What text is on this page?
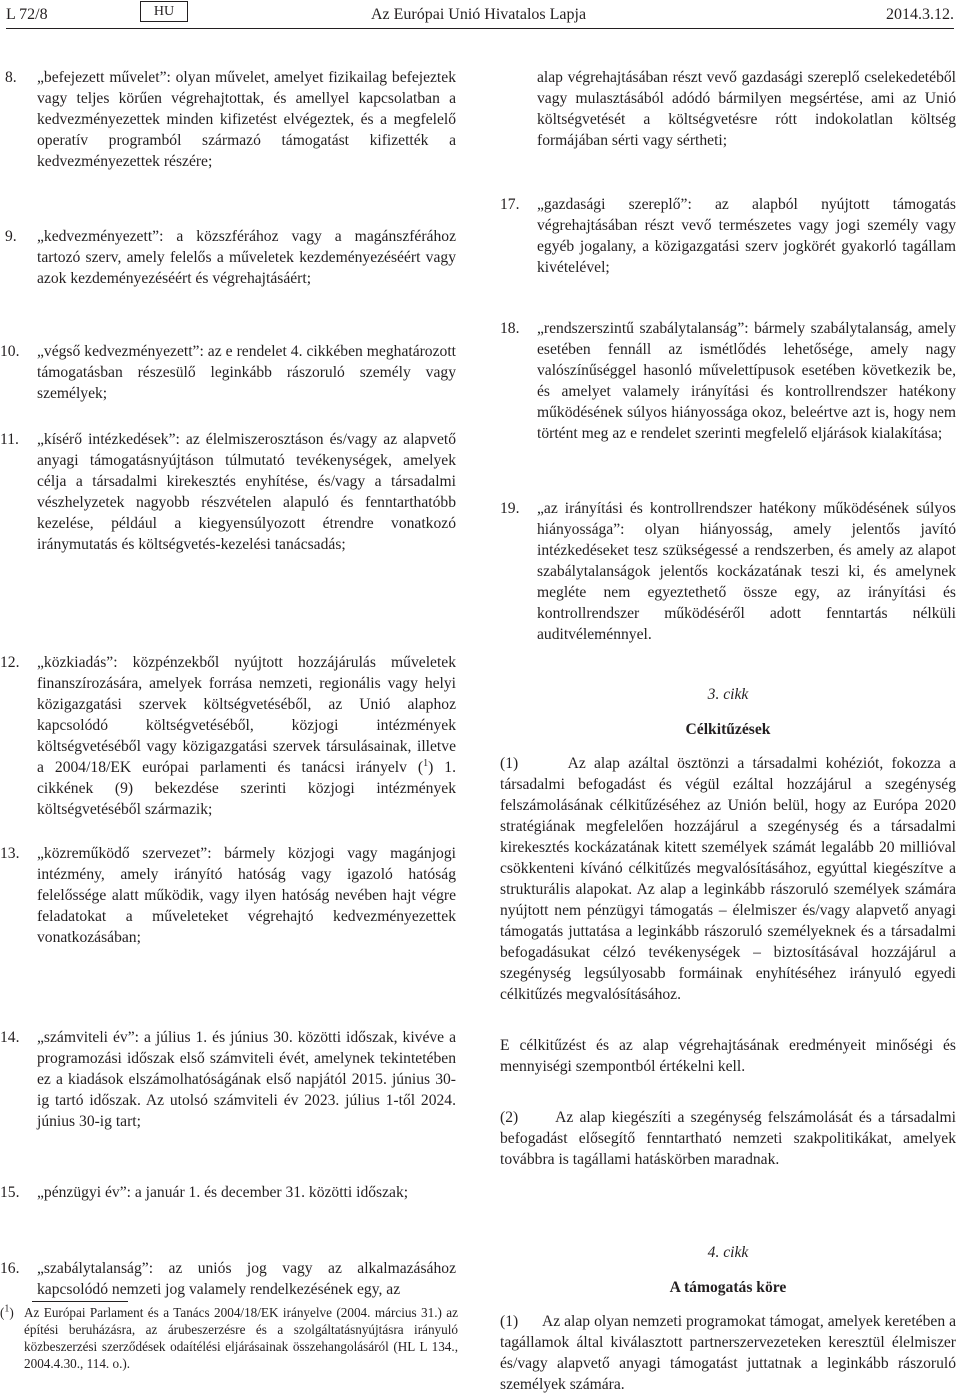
L 72/8	HU	Az Európai Unió Hivatalos Lapja	2014.3.12.
8. „befejezett művelet”: olyan művelet, amelyet fizikailag befejeztek vagy teljes körűen végrehajtottak, és amellyel kapcsolatban a kedvezményezettek minden kifizetést elvégeztek, és a megfelelő operatív programból származó támogatást kifizették a kedvezményezettek részére;

9. „kedvezményezett”: a közszférához vagy a magánszférához tartozó szerv, amely felelős a műveletek kezdeményezéséért vagy azok kezdeményezéséért és végrehajtásáért;

10. „végső kedvezményezett”: az e rendelet 4. cikkében meghatározott támogatásban részesülő leginkább rászoruló személy vagy személyek;

11. „kísérő intézkedések”: az élelmiszerosztáson és/vagy az alapvető anyagi támogatásnyújtáson túlmutató tevékenységek, amelyek célja a társadalmi kirekesztés enyhítése, és/vagy a társadalmi vészhelyzetek nagyobb részvételen alapuló és fenntarthatóbb kezelése, például a kiegyensúlyozott étrendre vonatkozó iránymutatás és költségvetés-kezelési tanácsadás;

12. „közkiadás”: közpénzekből nyújtott hozzájárulás műveletek finanszírozására, amelyek forrása nemzeti, regionális vagy helyi közigazgatási szervek költségvetéséből, az Unió alaphoz kapcsolódó költségvetéséből, közjogi intézmények költségvetéséből vagy közigazgatási szervek társulásainak, illetve a 2004/18/EK európai parlamenti és tanácsi irányelv ($^1$) 1. cikkének (9) bekezdése szerinti közjogi intézmények költségvetéséből származik;

13. „közreműködő szervezet”: bármely közjogi vagy magánjogi intézmény, amely irányító hatóság vagy igazoló hatóság felelőssége alatt működik, vagy ilyen hatóság nevében hajt végre feladatokat a műveleteket végrehajtó kedvezményezettek vonatkozásában;

14. „számviteli év”: a július 1. és június 30. közötti időszak, kivéve a programozási időszak első számviteli évét, amelynek tekintetében ez a kiadások elszámolhatóságának első napjától 2015. június 30-ig tartó időszak. Az utolsó számviteli év 2023. július 1-től 2024. június 30-ig tart;

15. „pénzügyi év”: a január 1. és december 31. közötti időszak;

16. „szabálytalanság”: az uniós jog vagy az alkalmazásához kapcsolódó nemzeti jog valamely rendelkezésének egy, az

($^1$) Az Európai Parlament és a Tanács 2004/18/EK irányelve (2004. március 31.) az építési beruházásra, az árubeszerzésre és a szolgáltatásnyújtásra irányuló közbeszerzési szerződések odaítélési eljárásainak összehangolásáról (HL L 134., 2004.4.30., 114. o.).

alap végrehajtásában részt vevő gazdasági szereplő cselekedetéből vagy mulasztásából adódó bármilyen megsértése, ami az Unió költségvetését a költségvetésre rótt indokolatlan költség formájában sérti vagy sértheti;

17. „gazdasági szereplő”: az alapból nyújtott támogatás végrehajtásában részt vevő természetes vagy jogi személy vagy egyéb jogalany, a közigazgatási szerv jogkörét gyakorló tagállam kivételével;

18. „rendszerszintű szabálytalanság”: bármely szabálytalanság, amely esetében fennáll az ismétlődés lehetősége, amely nagy valószínűséggel hasonló művelettípusok esetében következik be, és amelyet valamely irányítási és kontrollrendszer hatékony működésének súlyos hiányossága okoz, beleértve azt is, hogy nem történt meg az e rendelet szerinti megfelelő eljárások kialakítása;

19. „az irányítási és kontrollrendszer hatékony működésének súlyos hiányossága”: olyan hiányosság, amely jelentős javító intézkedéseket tesz szükségessé a rendszerben, és amely az alapot szabálytalanságok jelentős kockázatának teszi ki, és amelynek megléte nem egyeztethető össze egy, az irányítási és kontrollrendszer működéséről adott fenntartás nélküli auditvéleménnyel.

3. cikk
Célkitűzések

(1)	Az alap azáltal ösztönzi a társadalmi kohéziót, fokozza a társadalmi befogadást és végül ezáltal hozzájárul a szegénység felszámolásának célkitűzéséhez az Unión belül, hogy az Európa 2020 stratégiának megfelelően hozzájárul a szegénység és a társadalmi kirekesztés kockázatának kitett személyek számát legalább 20 millióval csökkenteni kívánó célkitűzés megvalósításához, egyúttal kiegészítve a strukturális alapokat. Az alap a leginkább rászoruló személyek számára nyújtott nem pénzügyi támogatás – élelmiszer és/vagy alapvető anyagi támogatás juttatása a leginkább rászoruló személyeknek és a társadalmi befogadásukat célzó tevékenységek – biztosításával hozzájárul a szegénység legsúlyosabb formáinak enyhítéséhez irányuló egyedi célkitűzés megvalósításához.

E célkitűzést és az alap végrehajtásának eredményeit minőségi és mennyiségi szempontból értékelni kell.

(2) Az alap kiegészíti a szegénység felszámolását és a társadalmi befogadást elősegítő fenntartható nemzeti szakpolitikákat, amelyek továbbra is tagállami hatáskörben maradnak.

4. cikk
A támogatás köre

(1) Az alap olyan nemzeti programokat támogat, amelyek keretében a tagállamok által kiválasztott partnerszervezeteken keresztül élelmiszer és/vagy alapvető anyagi támogatást juttatnak a leginkább rászoruló személyek számára.
